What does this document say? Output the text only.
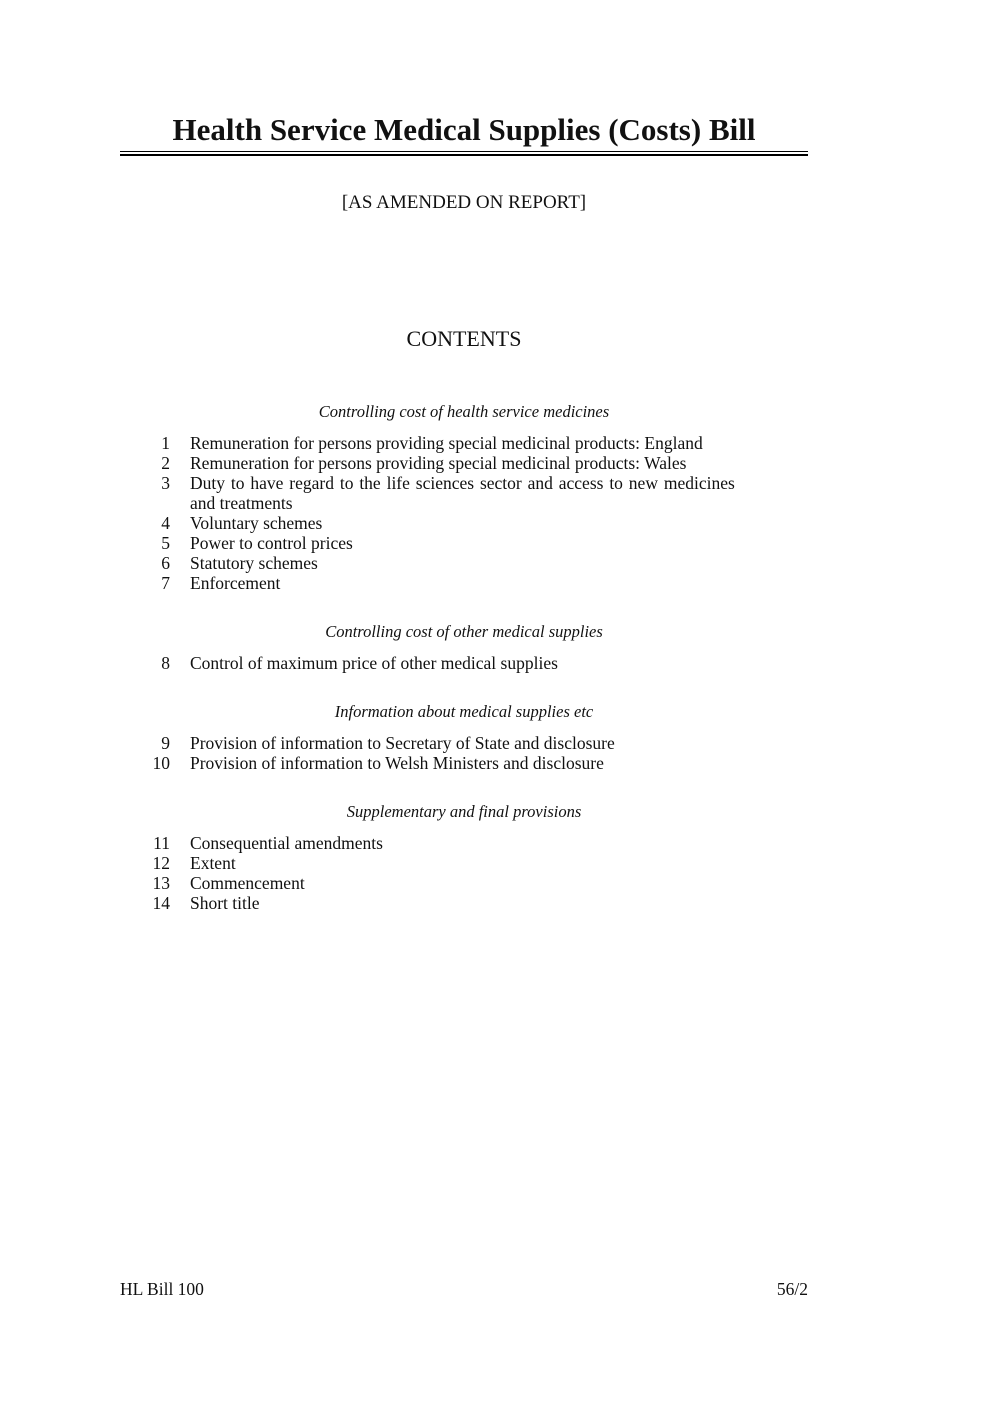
Health Service Medical Supplies (Costs) Bill
[AS AMENDED ON REPORT]
CONTENTS
Controlling cost of health service medicines
1 Remuneration for persons providing special medicinal products: England
2 Remuneration for persons providing special medicinal products: Wales
3 Duty to have regard to the life sciences sector and access to new medicines
and treatments
4 Voluntary schemes
5 Power to control prices
6 Statutory schemes
7 Enforcement
Controlling cost of other medical supplies
8 Control of maximum price of other medical supplies
Information about medical supplies etc
9 Provision of information to Secretary of State and disclosure
10 Provision of information to Welsh Ministers and disclosure
Supplementary and final provisions
11 Consequential amendments
12 Extent
13 Commencement
14 Short title
HL Bill 100	56/2
